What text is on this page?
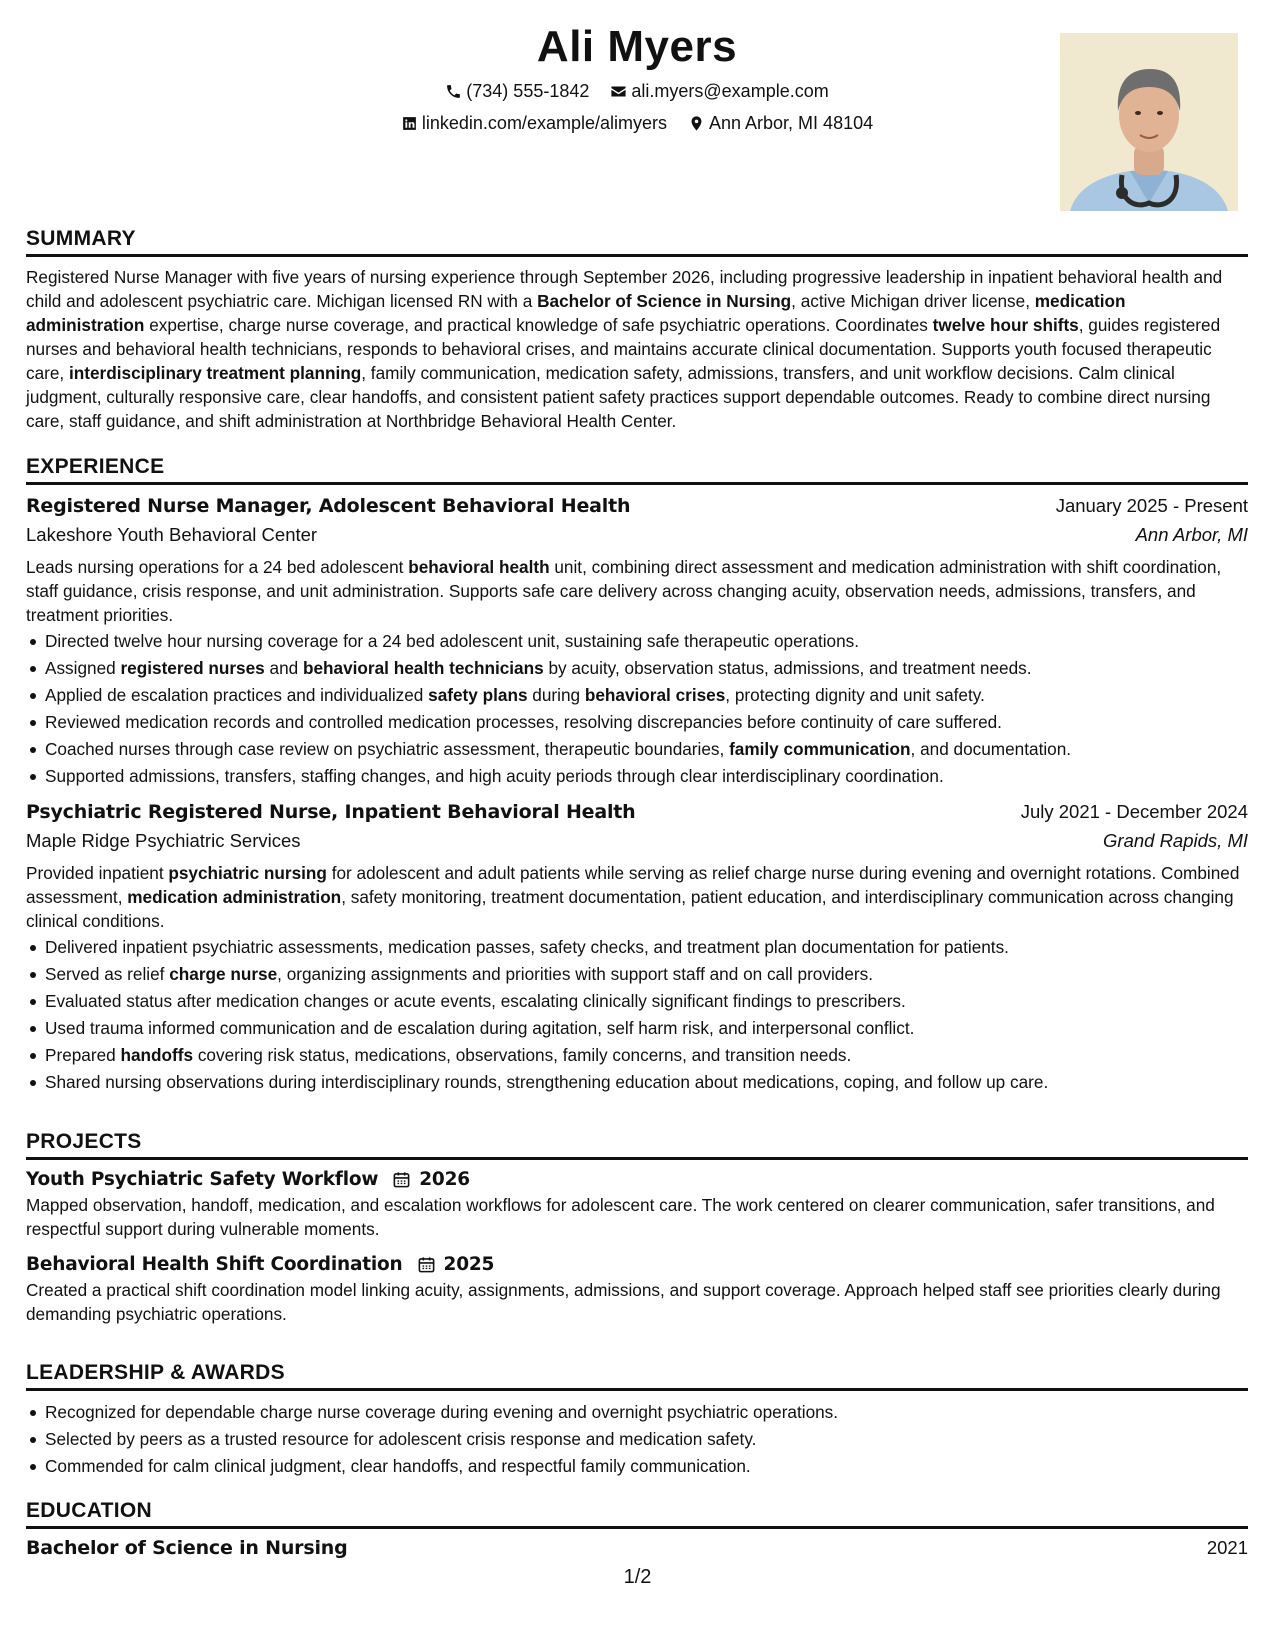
Ali Myers
(734) 555-1842
ali.myers@example.com
linkedin.com/example/alimyers
Ann Arbor, MI 48104
SUMMARY

Registered Nurse Manager with five years of nursing experience through September 2026, including progressive leadership in inpatient behavioral health and child and adolescent psychiatric care. Michigan licensed RN with a Bachelor of Science in Nursing, active Michigan driver license, medication administration expertise, charge nurse coverage, and practical knowledge of safe psychiatric operations. Coordinates twelve hour shifts, guides registered nurses and behavioral health technicians, responds to behavioral crises, and maintains accurate clinical documentation. Supports youth focused therapeutic care, interdisciplinary treatment planning, family communication, medication safety, admissions, transfers, and unit workflow decisions. Calm clinical judgment, culturally responsive care, clear handoffs, and consistent patient safety practices support dependable outcomes. Ready to combine direct nursing care, staff guidance, and shift administration at Northbridge Behavioral Health Center.

EXPERIENCE
Registered Nurse Manager, Adolescent Behavioral Health	January 2025 - Present
Lakeshore Youth Behavioral Center	Ann Arbor, MI

Leads nursing operations for a 24 bed adolescent behavioral health unit, combining direct assessment and medication administration with shift coordination, staff guidance, crisis response, and unit administration. Supports safe care delivery across changing acuity, observation needs, admissions, transfers, and treatment priorities.

Directed twelve hour nursing coverage for a 24 bed adolescent unit, sustaining safe therapeutic operations.
Assigned registered nurses and behavioral health technicians by acuity, observation status, admissions, and treatment needs.
Applied de escalation practices and individualized safety plans during behavioral crises, protecting dignity and unit safety.
Reviewed medication records and controlled medication processes, resolving discrepancies before continuity of care suffered.
Coached nurses through case review on psychiatric assessment, therapeutic boundaries, family communication, and documentation.
Supported admissions, transfers, staffing changes, and high acuity periods through clear interdisciplinary coordination.
Psychiatric Registered Nurse, Inpatient Behavioral Health	July 2021 - December 2024
Maple Ridge Psychiatric Services	Grand Rapids, MI

Provided inpatient psychiatric nursing for adolescent and adult patients while serving as relief charge nurse during evening and overnight rotations. Combined assessment, medication administration, safety monitoring, treatment documentation, patient education, and interdisciplinary communication across changing clinical conditions.

Delivered inpatient psychiatric assessments, medication passes, safety checks, and treatment plan documentation for patients.
Served as relief charge nurse, organizing assignments and priorities with support staff and on call providers.
Evaluated status after medication changes or acute events, escalating clinically significant findings to prescribers.
Used trauma informed communication and de escalation during agitation, self harm risk, and interpersonal conflict.
Prepared handoffs covering risk status, medications, observations, family concerns, and transition needs.
Shared nursing observations during interdisciplinary rounds, strengthening education about medications, coping, and follow up care.
PROJECTS
Youth Psychiatric Safety Workflow 2026

Mapped observation, handoff, medication, and escalation workflows for adolescent care. The work centered on clearer communication, safer transitions, and respectful support during vulnerable moments.

Behavioral Health Shift Coordination 2025

Created a practical shift coordination model linking acuity, assignments, admissions, and support coverage. Approach helped staff see priorities clearly during demanding psychiatric operations.

LEADERSHIP & AWARDS
Recognized for dependable charge nurse coverage during evening and overnight psychiatric operations.
Selected by peers as a trusted resource for adolescent crisis response and medication safety.
Commended for calm clinical judgment, clear handoffs, and respectful family communication.
EDUCATION
Bachelor of Science in Nursing	2021
1/2
